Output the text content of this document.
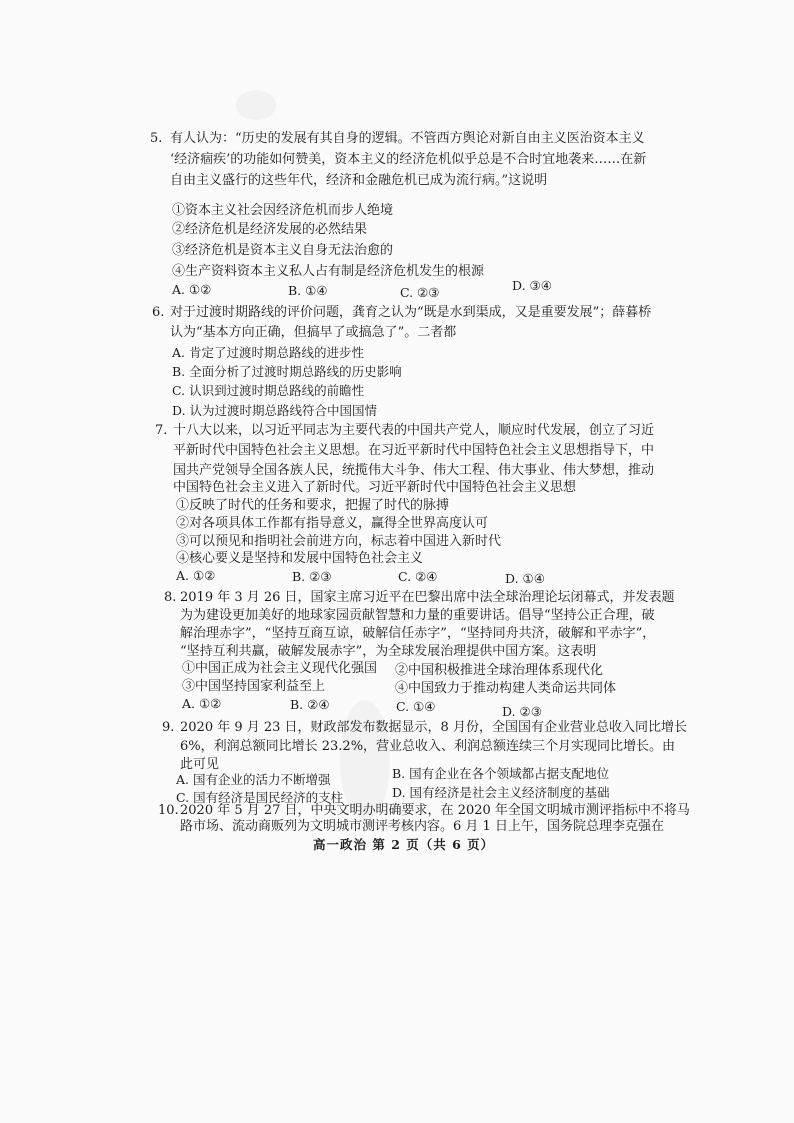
5. 有人认为：“历史的发展有其自身的逻辑。不管西方舆论对新自由主义医治资本主义
‘经济痼疾’的功能如何赞美，资本主义的经济危机似乎总是不合时宜地袭来……在新
自由主义盛行的这些年代，经济和金融危机已成为流行病。”这说明
①资本主义社会因经济危机而步人绝境
②经济危机是经济发展的必然结果
③经济危机是资本主义自身无法治愈的
④生产资料资本主义私人占有制是经济危机发生的根源
A. ①②	B. ①④	C. ②③	D. ③④
6. 对于过渡时期路线的评价问题，龚育之认为“既是水到渠成，又是重要发展”；薛暮桥
认为“基本方向正确，但搞早了或搞急了”。二者都
A. 肯定了过渡时期总路线的进步性
B. 全面分析了过渡时期总路线的历史影响
C. 认识到过渡时期总路线的前瞻性
D. 认为过渡时期总路线符合中国国情
7. 十八大以来，以习近平同志为主要代表的中国共产党人，顺应时代发展，创立了习近
平新时代中国特色社会主义思想。在习近平新时代中国特色社会主义思想指导下，中
国共产党领导全国各族人民，统揽伟大斗争、伟大工程、伟大事业、伟大梦想，推动
中国特色社会主义进入了新时代。习近平新时代中国特色社会主义思想
①反映了时代的任务和要求，把握了时代的脉搏
②对各项具体工作都有指导意义，赢得全世界高度认可
③可以预见和指明社会前进方向，标志着中国进入新时代
④核心要义是坚持和发展中国特色社会主义
A. ①②	B. ②③	C. ②④	D. ①④
8. 2019 年 3 月 26 日，国家主席习近平在巴黎出席中法全球治理论坛闭幕式，并发表题
为为建设更加美好的地球家园贡献智慧和力量的重要讲话。倡导“坚持公正合理，破
解治理赤字”，“坚持互商互谅，破解信任赤字”，“坚持同舟共济，破解和平赤字”，
“坚持互利共赢，破解发展赤字”，为全球发展治理提供中国方案。这表明
①中国正成为社会主义现代化强国 ②中国积极推进全球治理体系现代化
③中国坚持国家利益至上	④中国致力于推动构建人类命运共同体
A. ①②	B. ②④	C. ①④	D. ②③
9. 2020 年 9 月 23 日，财政部发布数据显示，8 月份，全国国有企业营业总收入同比增长
6%，利润总额同比增长 23.2%，营业总收入、利润总额连续三个月实现同比增长。由
此可见
A. 国有企业的活力不断增强	B. 国有企业在各个领域都占据支配地位
C. 国有经济是国民经济的支柱	D. 国有经济是社会主义经济制度的基础
10. 2020 年 5 月 27 日，中央文明办明确要求，在 2020 年全国文明城市测评指标中不将马
路市场、流动商贩列为文明城市测评考核内容。6 月 1 日上午，国务院总理李克强在
高一政治 第 2 页（共 6 页）
